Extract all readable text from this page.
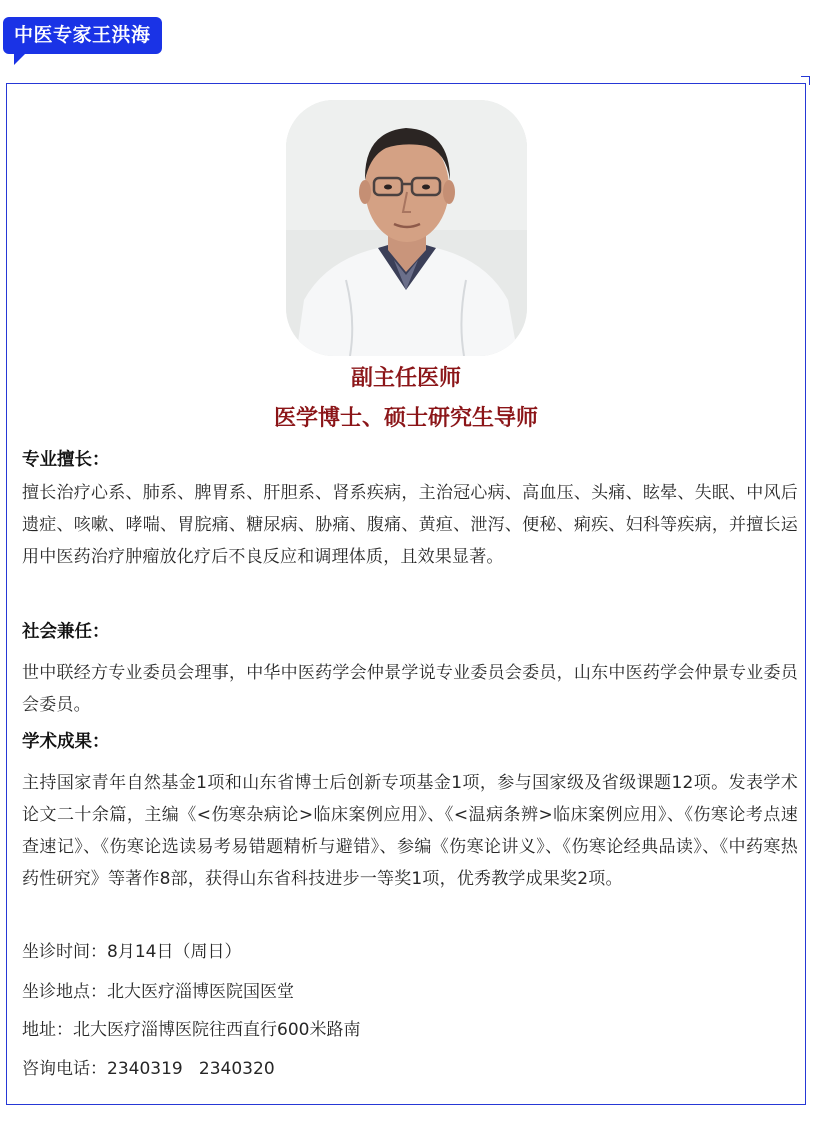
中医专家王洪海
副主任医师
医学博士、硕士研究生导师
专业擅长：
擅长治疗心系、肺系、脾胃系、肝胆系、肾系疾病，主治冠心病、高血压、头痛、眩晕、失眠、中风后遗症、咳嗽、哮喘、胃脘痛、糖尿病、胁痛、腹痛、黄疸、泄泻、便秘、痢疾、妇科等疾病，并擅长运用中医药治疗肿瘤放化疗后不良反应和调理体质，且效果显著。
社会兼任：
世中联经方专业委员会理事，中华中医药学会仲景学说专业委员会委员，山东中医药学会仲景专业委员会委员。
学术成果：
主持国家青年自然基金1项和山东省博士后创新专项基金1项，参与国家级及省级课题12项。发表学术论文二十余篇，主编《<伤寒杂病论>临床案例应用》、《<温病条辨>临床案例应用》、《伤寒论考点速查速记》、《伤寒论选读易考易错题精析与避错》、参编《伤寒论讲义》、《伤寒论经典品读》、《中药寒热药性研究》等著作8部，获得山东省科技进步一等奖1项，优秀教学成果奖2项。
坐诊时间：8月14日（周日）
坐诊地点：北大医疗淄博医院国医堂
地址：北大医疗淄博医院往西直行600米路南
咨询电话：2340319   2340320
